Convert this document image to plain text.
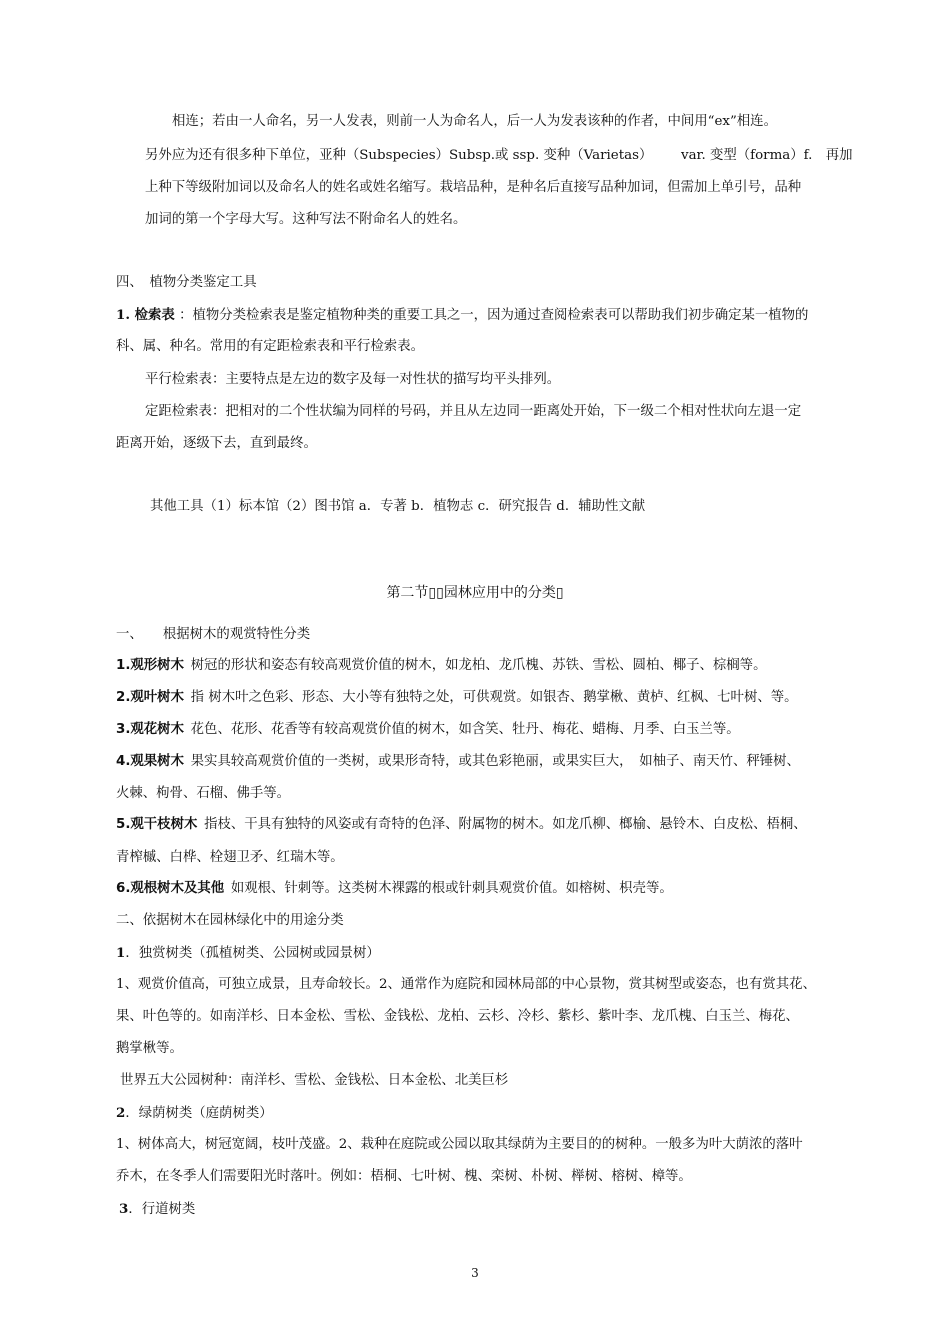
相连；若由一人命名，另一人发表，则前一人为命名人，后一人为发表该种的作者，中间用“ex”相连。

另外应为还有很多种下单位，亚种（Subspecies）Subsp.或 ssp. 变种（Varietas） var. 变型（forma）f.　再加

上种下等级附加词以及命名人的姓名或姓名缩写。栽培品种，是种名后直接写品种加词，但需加上单引号，品种

加词的第一个字母大写。这种写法不附命名人的姓名。

四、　植物分类鉴定工具

1. 检索表 ：植物分类检索表是鉴定植物种类的重要工具之一，因为通过查阅检索表可以帮助我们初步确定某一植物的

科、属、种名。常用的有定距检索表和平行检索表。

平行检索表：主要特点是左边的数字及每一对性状的描写均平头排列。

定距检索表：把相对的二个性状编为同样的号码，并且从左边同一距离处开始，下一级二个相对性状向左退一定

距离开始，逐级下去，直到最终。

其他工具（1）标本馆（2）图书馆 a．专著 b．植物志 c．研究报告 d．辅助性文献

第二节▯▯园林应用中的分类▯

一、　　根据树木的观赏特性分类

1.观形树木  树冠的形状和姿态有较高观赏价值的树木，如龙柏、龙爪槐、苏铁、雪松、圆柏、椰子、棕榈等。

2.观叶树木  指 树木叶之色彩、形态、大小等有独特之处，可供观赏。如银杏、鹅掌楸、黄栌、红枫、七叶树、等。

3.观花树木  花色、花形、花香等有较高观赏价值的树木，如含笑、牡丹、梅花、蜡梅、月季、白玉兰等。

4.观果树木  果实具较高观赏价值的一类树，或果形奇特，或其色彩艳丽，或果实巨大，　如柚子、南天竹、秤锤树、

火棘、枸骨、石榴、佛手等。

5.观干枝树木  指枝、干具有独特的风姿或有奇特的色泽、附属物的树木。如龙爪柳、榔榆、悬铃木、白皮松、梧桐、

青榨槭、白桦、栓翅卫矛、红瑞木等。

6.观根树木及其他  如观根、针刺等。这类树木裸露的根或针刺具观赏价值。如榕树、枳壳等。

二、依据树木在园林绿化中的用途分类

1．独赏树类（孤植树类、公园树或园景树）

1、观赏价值高，可独立成景，且寿命较长。2、通常作为庭院和园林局部的中心景物，赏其树型或姿态，也有赏其花、

果、叶色等的。如南洋杉、日本金松、雪松、金钱松、龙柏、云杉、冷杉、紫杉、紫叶李、龙爪槐、白玉兰、梅花、

鹅掌楸等。

世界五大公园树种：南洋杉、雪松、金钱松、日本金松、北美巨杉

2．绿荫树类（庭荫树类）

1、树体高大，树冠宽阔，枝叶茂盛。2、栽种在庭院或公园以取其绿荫为主要目的的树种。一般多为叶大荫浓的落叶

乔木，在冬季人们需要阳光时落叶。例如：梧桐、七叶树、槐、栾树、朴树、榉树、榕树、樟等。

3．行道树类

3
